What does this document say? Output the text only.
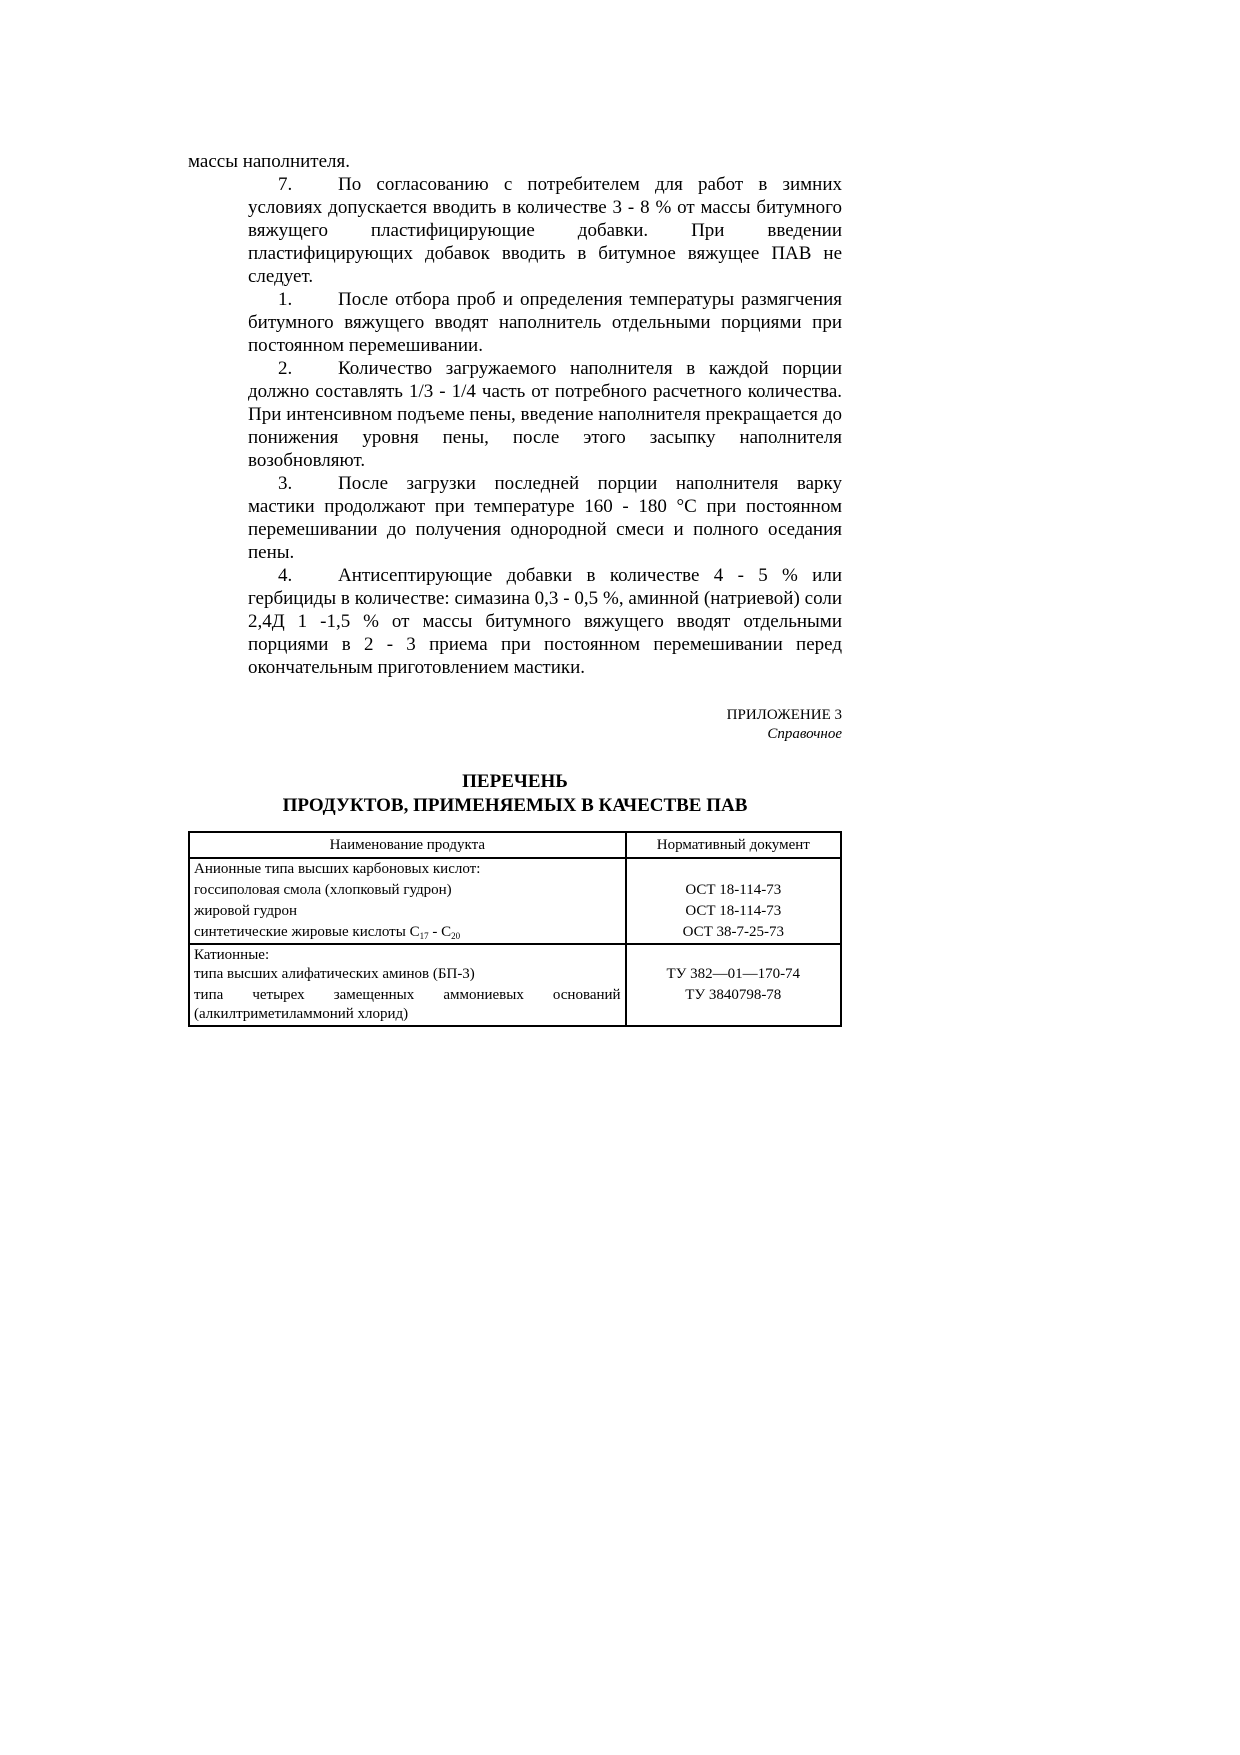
массы наполнителя.

7. По согласованию с потребителем для работ в зимних условиях допускается вводить в количестве 3 - 8 % от массы битумного вяжущего пластифицирующие добавки. При введении пластифицирующих добавок вводить в битумное вяжущее ПАВ не следует.

1. После отбора проб и определения температуры размягчения битумного вяжущего вводят наполнитель отдельными порциями при постоянном перемешивании.

2. Количество загружаемого наполнителя в каждой порции должно составлять 1/3 - 1/4 часть от потребного расчетного количества. При интенсивном подъеме пены, введение наполнителя прекращается до понижения уровня пены, после этого засыпку наполнителя возобновляют.

3. После загрузки последней порции наполнителя варку мастики продолжают при температуре 160 - 180 °С при постоянном перемешивании до получения однородной смеси и полного оседания пены.

4. Антисептирующие добавки в количестве 4 - 5 % или гербициды в количестве: симазина 0,3 - 0,5 %, аминной (натриевой) соли 2,4Д 1 -1,5 % от массы битумного вяжущего вводят отдельными порциями в 2 - 3 приема при постоянном перемешивании перед окончательным приготовлением мастики.

ПРИЛОЖЕНИЕ 3
Справочное
ПЕРЕЧЕНЬ
ПРОДУКТОВ, ПРИМЕНЯЕМЫХ В КАЧЕСТВЕ ПАВ
Наименование продукта	Нормативный документ
Анионные типа высших карбоновых кислот:	
госсиполовая смола (хлопковый гудрон)	ОСТ 18-114-73
жировой гудрон	ОСТ 18-114-73
синтетические жировые кислоты $С_{17} - С_{20}$	ОСТ 38-7-25-73

Катионные:
типа высших алифатических аминов (БП-3)	ТУ 382—01—170-74

типа четырех замещенных аммониевых оснований
(алкилтриметиламмоний хлорид)	ТУ 3840798-78
